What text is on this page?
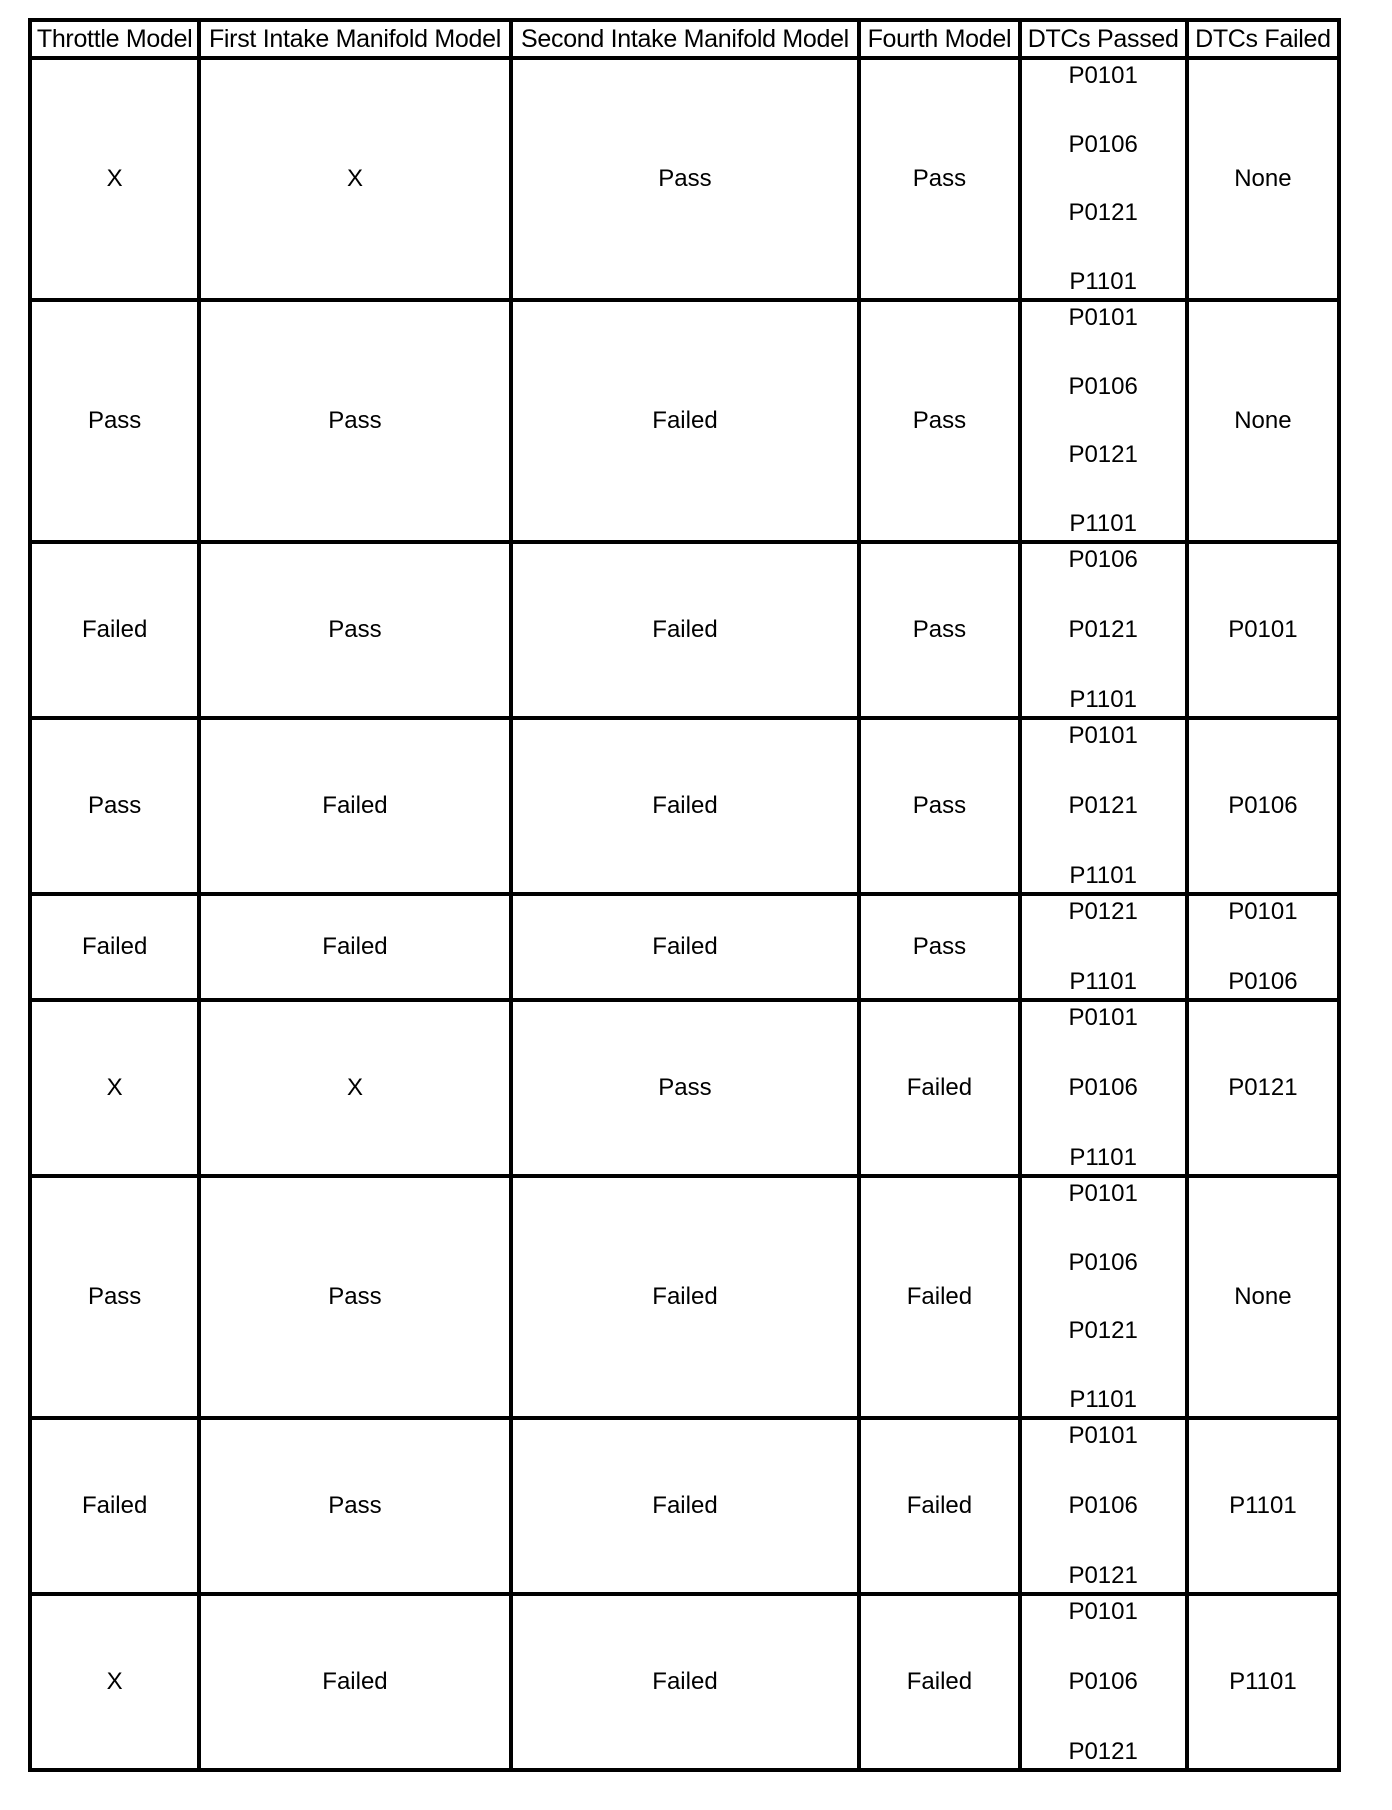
Throttle Model	First Intake Manifold Model	Second Intake Manifold Model	Fourth Model	DTCs Passed	DTCs Failed
X	X	Pass	Pass	P0101
P0106
P0121
P1101	None

Pass	Pass	Failed	Pass	P0101
P0106
P0121
P1101	None

Failed	Pass	Failed	Pass	P0106
P0121
P1101	P0101

Pass	Failed	Failed	Pass	P0101
P0121
P1101	P0106

Failed	Failed	Failed	Pass	P0121
P1101	P0101
P0106

X	X	Pass	Failed	P0101
P0106
P1101	P0121

Pass	Pass	Failed	Failed	P0101
P0106
P0121
P1101	None

Failed	Pass	Failed	Failed	P0101
P0106
P0121	P1101

X	Failed	Failed	Failed	P0101
P0106
P0121	P1101
